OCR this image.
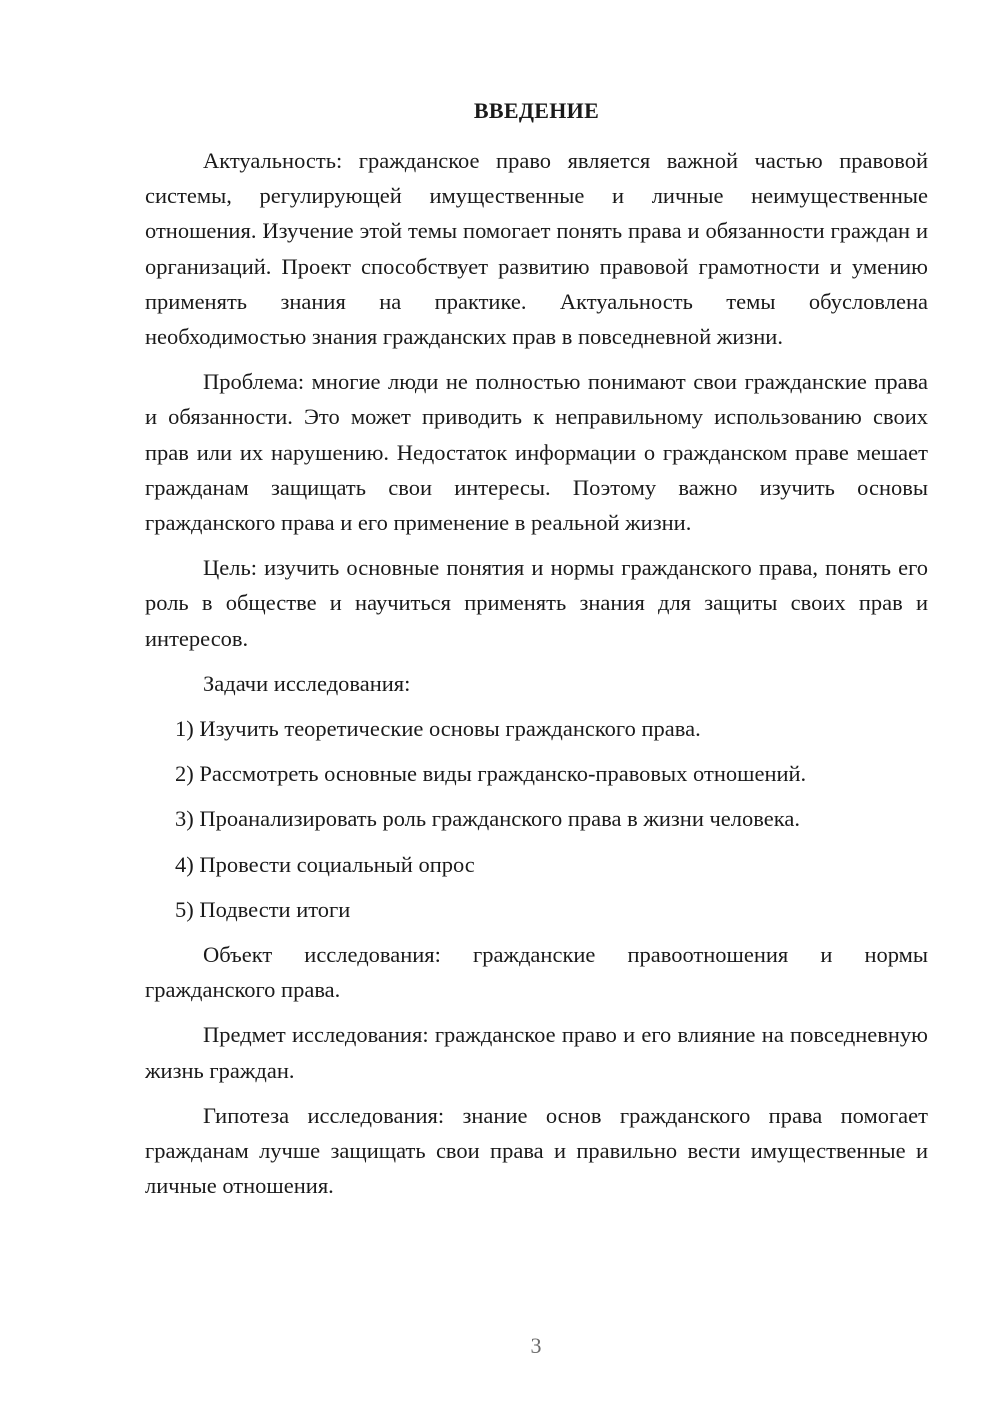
ВВЕДЕНИЕ

Актуальность: гражданское право является важной частью правовой системы, регулирующей имущественные и личные неимущественные отношения. Изучение этой темы помогает понять права и обязанности граждан и организаций. Проект способствует развитию правовой грамотности и умению применять знания на практике. Актуальность темы обусловлена необходимостью знания гражданских прав в повседневной жизни.

Проблема: многие люди не полностью понимают свои гражданские права и обязанности. Это может приводить к неправильному использованию своих прав или их нарушению. Недостаток информации о гражданском праве мешает гражданам защищать свои интересы. Поэтому важно изучить основы гражданского права и его применение в реальной жизни.

Цель: изучить основные понятия и нормы гражданского права, понять его роль в обществе и научиться применять знания для защиты своих прав и интересов.

Задачи исследования:

1) Изучить теоретические основы гражданского права.
2) Рассмотреть основные виды гражданско-правовых отношений.
3) Проанализировать роль гражданского права в жизни человека.
4) Провести социальный опрос
5) Подвести итоги

Объект исследования: гражданские правоотношения и нормы гражданского права.

Предмет исследования: гражданское право и его влияние на повседневную жизнь граждан.

Гипотеза исследования: знание основ гражданского права помогает гражданам лучше защищать свои права и правильно вести имущественные и личные отношения.

3
